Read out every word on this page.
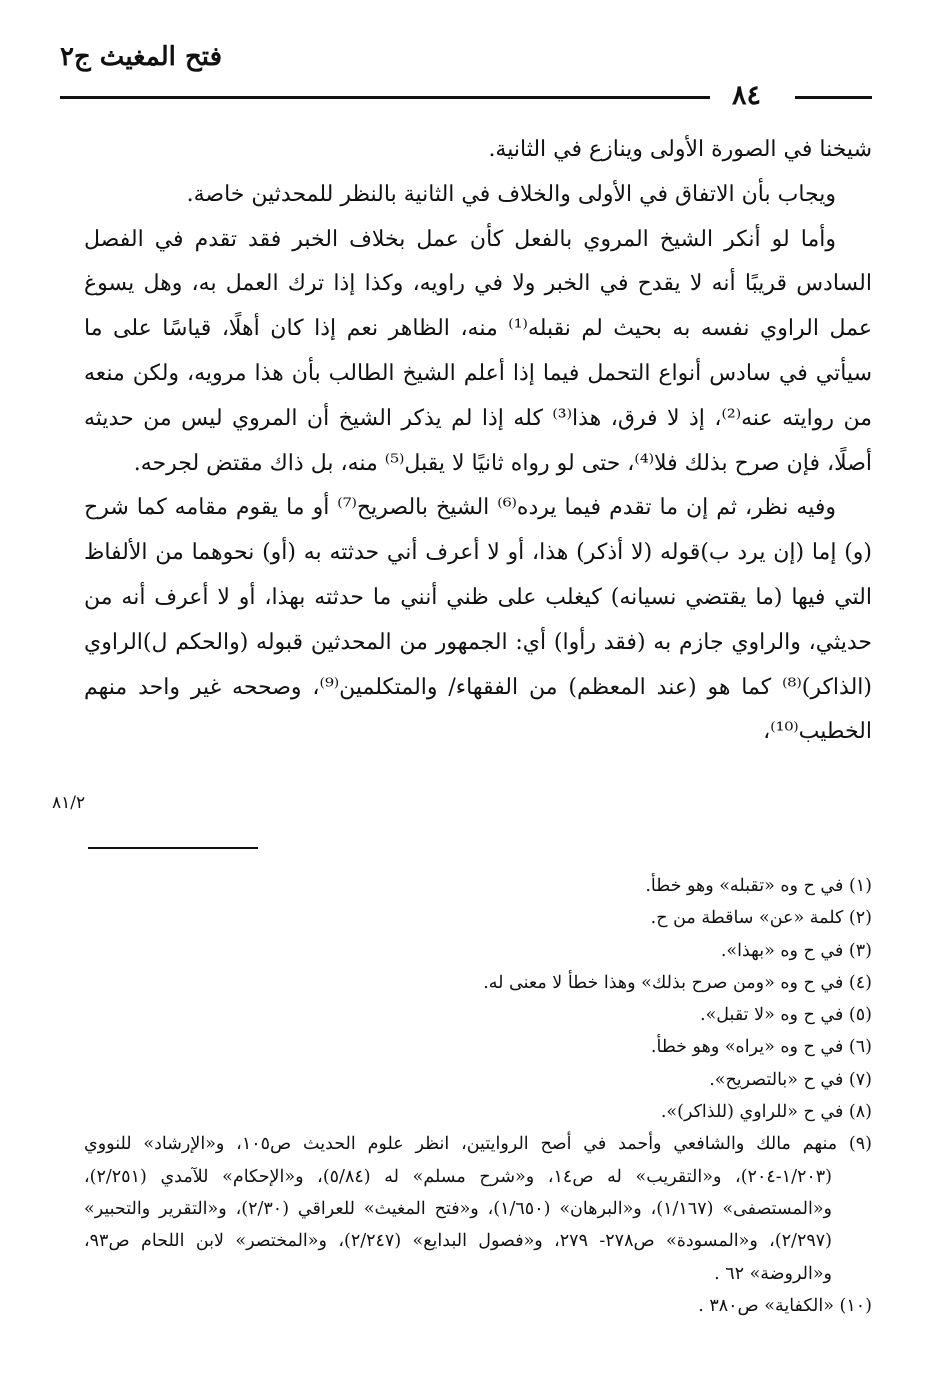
فتح المغيث ج٢
٨٤

شيخنا في الصورة الأولى وينازع في الثانية.

ويجاب بأن الاتفاق في الأولى والخلاف في الثانية بالنظر للمحدثين خاصة.

وأما لو أنكر الشيخ المروي بالفعل كأن عمل بخلاف الخبر فقد تقدم في الفصل السادس قريبًا أنه لا يقدح في الخبر ولا في راويه، وكذا إذا ترك العمل به، وهل يسوغ عمل الراوي نفسه به بحيث لم نقبله⁽¹⁾ منه، الظاهر نعم إذا كان أهلًا، قياسًا على ما سيأتي في سادس أنواع التحمل فيما إذا أعلم الشيخ الطالب بأن هذا مرويه، ولكن منعه من روايته عنه⁽²⁾، إذ لا فرق، هذا⁽³⁾ كله إذا لم يذكر الشيخ أن المروي ليس من حديثه أصلًا، فإن صرح بذلك فلا⁽⁴⁾، حتى لو رواه ثانيًا لا يقبل⁽⁵⁾ منه، بل ذاك مقتض لجرحه.

وفيه نظر، ثم إن ما تقدم فيما يرده⁽⁶⁾ الشيخ بالصريح⁽⁷⁾ أو ما يقوم مقامه كما شرح (و) إما (إن يرد ب)قوله (لا أذكر) هذا، أو لا أعرف أني حدثته به (أو) نحوهما من الألفاظ التي فيها (ما يقتضي نسيانه) كيغلب على ظني أنني ما حدثته بهذا، أو لا أعرف أنه من حديثي، والراوي جازم به (فقد رأوا) أي: الجمهور من المحدثين قبوله (والحكم ل)الراوي (الذاكر)⁽⁸⁾ كما هو (عند المعظم) من الفقهاء/ والمتكلمين⁽⁹⁾، وصححه غير واحد منهم الخطيب⁽¹⁰⁾،

٨١/٢

(١) في ح وه «تقبله» وهو خطأ.

(٢) كلمة «عن» ساقطة من ح.

(٣) في ح وه «بهذا».

(٤) في ح وه «ومن صرح بذلك» وهذا خطأ لا معنى له.

(٥) في ح وه «لا تقبل».

(٦) في ح وه «يراه» وهو خطأ.

(٧) في ح «بالتصريح».

(٨) في ح «للراوي (للذاكر)».

(٩) منهم مالك والشافعي وأحمد في أصح الروايتين، انظر علوم الحديث ص١٠٥، و«الإرشاد» للنووي (١/٢٠٣-٢٠٤)، و«التقريب» له ص١٤، و«شرح مسلم» له (٥/٨٤)، و«الإحكام» للآمدي (٢/٢٥١)، و«المستصفى» (١/١٦٧)، و«البرهان» (١/٦٥٠)، و«فتح المغيث» للعراقي (٢/٣٠)، و«التقرير والتحبير» (٢/٢٩٧)، و«المسودة» ص٢٧٨- ٢٧٩، و«فصول البدايع» (٢/٢٤٧)، و«المختصر» لابن اللحام ص٩٣، و«الروضة» ٦٢ .

(١٠) «الكفاية» ص٣٨٠ .
